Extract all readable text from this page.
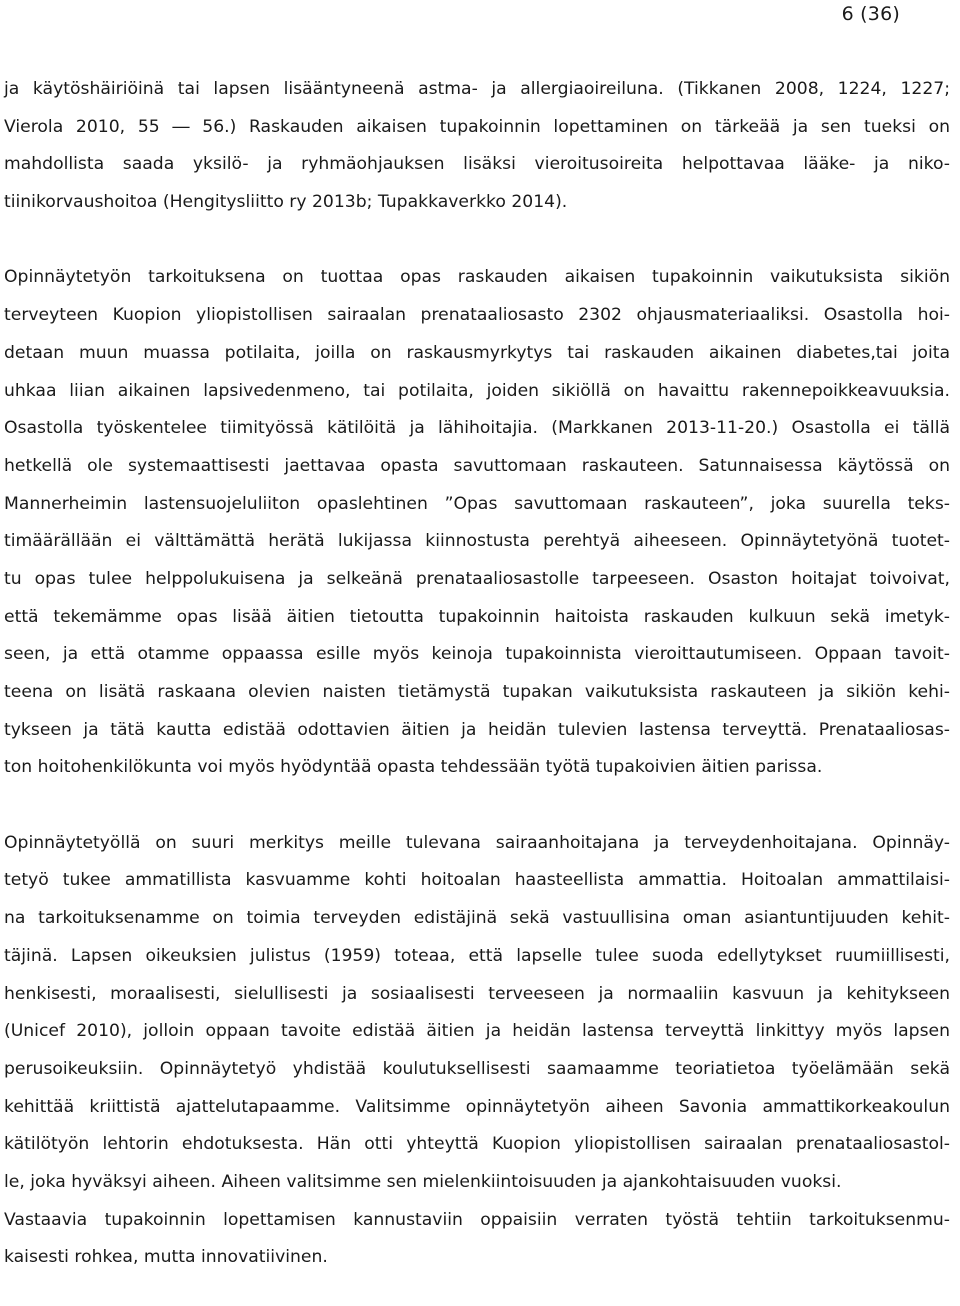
6 (36)
ja käytöshäiriöinä tai lapsen lisääntyneenä astma- ja allergiaoireiluna. (Tikkanen 2008, 1224, 1227;
Vierola 2010, 55 ― 56.) Raskauden aikaisen tupakoinnin lopettaminen on tärkeää ja sen tueksi on
mahdollista saada yksilö- ja ryhmäohjauksen lisäksi vieroitusoireita helpottavaa lääke- ja niko-
tiinikorvaushoitoa (Hengitysliitto ry 2013b; Tupakkaverkko 2014).
Opinnäytetyön tarkoituksena on tuottaa opas raskauden aikaisen tupakoinnin vaikutuksista sikiön
terveyteen Kuopion yliopistollisen sairaalan prenataaliosasto 2302 ohjausmateriaaliksi. Osastolla hoi-
detaan muun muassa potilaita, joilla on raskausmyrkytys tai raskauden aikainen diabetes,tai joita
uhkaa liian aikainen lapsivedenmeno, tai potilaita, joiden sikiöllä on havaittu rakennepoikkeavuuksia.
Osastolla työskentelee tiimityössä kätilöitä ja lähihoitajia. (Markkanen 2013-11-20.) Osastolla ei tällä
hetkellä ole systemaattisesti jaettavaa opasta savuttomaan raskauteen. Satunnaisessa käytössä on
Mannerheimin lastensuojeluliiton opaslehtinen ”Opas savuttomaan raskauteen”, joka suurella teks-
timäärällään ei välttämättä herätä lukijassa kiinnostusta perehtyä aiheeseen. Opinnäytetyönä tuotet-
tu opas tulee helppolukuisena ja selkeänä prenataaliosastolle tarpeeseen. Osaston hoitajat toivoivat,
että tekemämme opas lisää äitien tietoutta tupakoinnin haitoista raskauden kulkuun sekä imetyk-
seen, ja että otamme oppaassa esille myös keinoja tupakoinnista vieroittautumiseen. Oppaan tavoit-
teena on lisätä raskaana olevien naisten tietämystä tupakan vaikutuksista raskauteen ja sikiön kehi-
tykseen ja tätä kautta edistää odottavien äitien ja heidän tulevien lastensa terveyttä. Prenataaliosas-
ton hoitohenkilökunta voi myös hyödyntää opasta tehdessään työtä tupakoivien äitien parissa.
Opinnäytetyöllä on suuri merkitys meille tulevana sairaanhoitajana ja terveydenhoitajana. Opinnäy-
tetyö tukee ammatillista kasvuamme kohti hoitoalan haasteellista ammattia. Hoitoalan ammattilaisi-
na tarkoituksenamme on toimia terveyden edistäjinä sekä vastuullisina oman asiantuntijuuden kehit-
täjinä. Lapsen oikeuksien julistus (1959) toteaa, että lapselle tulee suoda edellytykset ruumiillisesti,
henkisesti, moraalisesti, sielullisesti ja sosiaalisesti terveeseen ja normaaliin kasvuun ja kehitykseen
(Unicef 2010), jolloin oppaan tavoite edistää äitien ja heidän lastensa terveyttä linkittyy myös lapsen
perusoikeuksiin. Opinnäytetyö yhdistää koulutuksellisesti saamaamme teoriatietoa työelämään sekä
kehittää kriittistä ajattelutapaamme. Valitsimme opinnäytetyön aiheen Savonia ammattikorkeakoulun
kätilötyön lehtorin ehdotuksesta. Hän otti yhteyttä Kuopion yliopistollisen sairaalan prenataaliosastol-
le, joka hyväksyi aiheen. Aiheen valitsimme sen mielenkiintoisuuden ja ajankohtaisuuden vuoksi.
Vastaavia tupakoinnin lopettamisen kannustaviin oppaisiin verraten työstä tehtiin tarkoituksenmu-
kaisesti rohkea, mutta innovatiivinen.
